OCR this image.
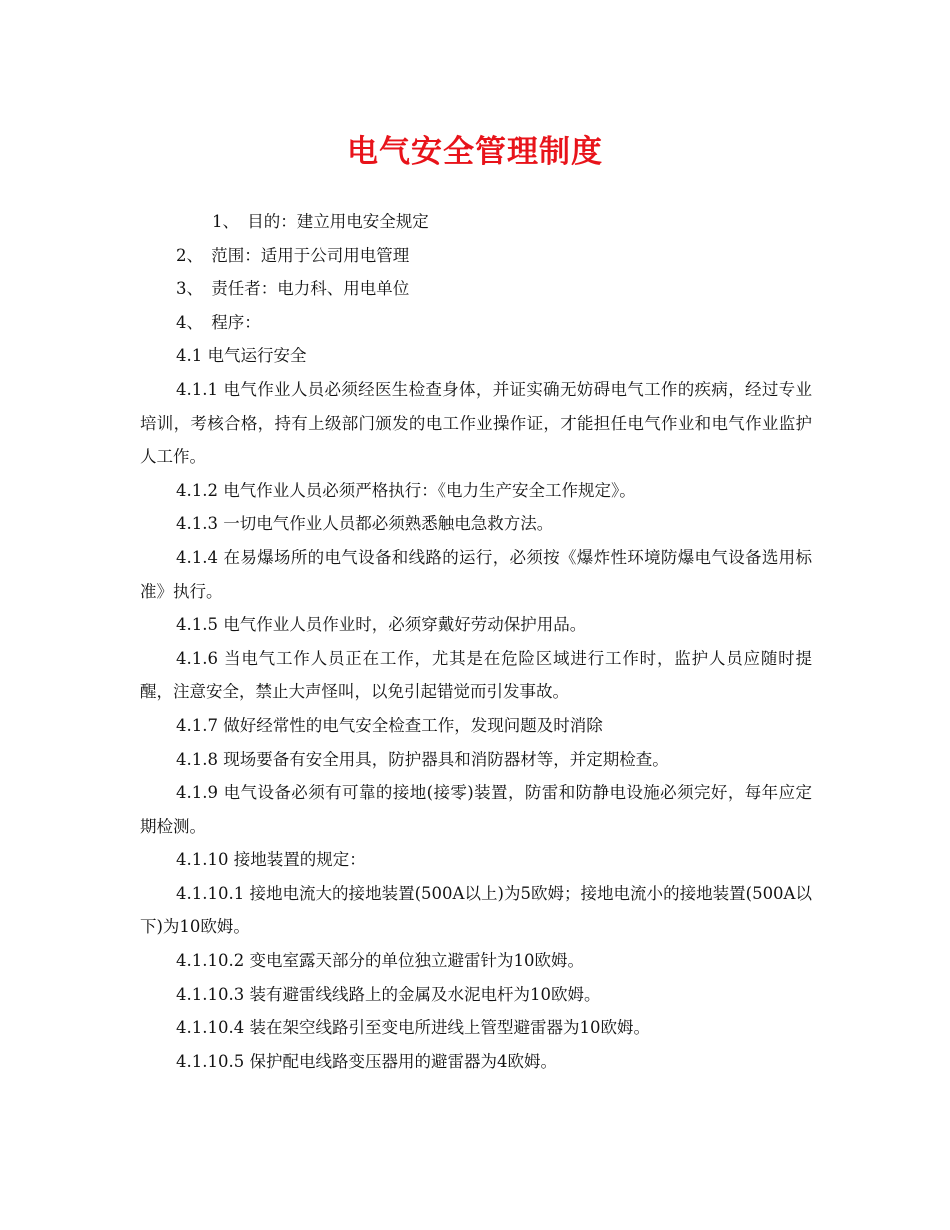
电气安全管理制度

1、　目的：建立用电安全规定

2、　范围：适用于公司用电管理

3、　责任者：电力科、用电单位

4、　程序：

4.1 电气运行安全

4.1.1 电气作业人员必须经医生检查身体，并证实确无妨碍电气工作的疾病，经过专业培训，考核合格，持有上级部门颁发的电工作业操作证，才能担任电气作业和电气作业监护人工作。

4.1.2 电气作业人员必须严格执行：《电力生产安全工作规定》。

4.1.3 一切电气作业人员都必须熟悉触电急救方法。

4.1.4 在易爆场所的电气设备和线路的运行，必须按《爆炸性环境防爆电气设备选用标准》执行。

4.1.5 电气作业人员作业时，必须穿戴好劳动保护用品。

4.1.6 当电气工作人员正在工作，尤其是在危险区域进行工作时，监护人员应随时提醒，注意安全，禁止大声怪叫，以免引起错觉而引发事故。

4.1.7 做好经常性的电气安全检查工作，发现问题及时消除

4.1.8 现场要备有安全用具，防护器具和消防器材等，并定期检查。

4.1.9 电气设备必须有可靠的接地(接零)装置，防雷和防静电设施必须完好，每年应定期检测。

4.1.10 接地装置的规定：

4.1.10.1 接地电流大的接地装置(500A以上)为5欧姆；接地电流小的接地装置(500A以下)为10欧姆。

4.1.10.2 变电室露天部分的单位独立避雷针为10欧姆。

4.1.10.3 装有避雷线线路上的金属及水泥电杆为10欧姆。

4.1.10.4 装在架空线路引至变电所进线上管型避雷器为10欧姆。

4.1.10.5 保护配电线路变压器用的避雷器为4欧姆。
